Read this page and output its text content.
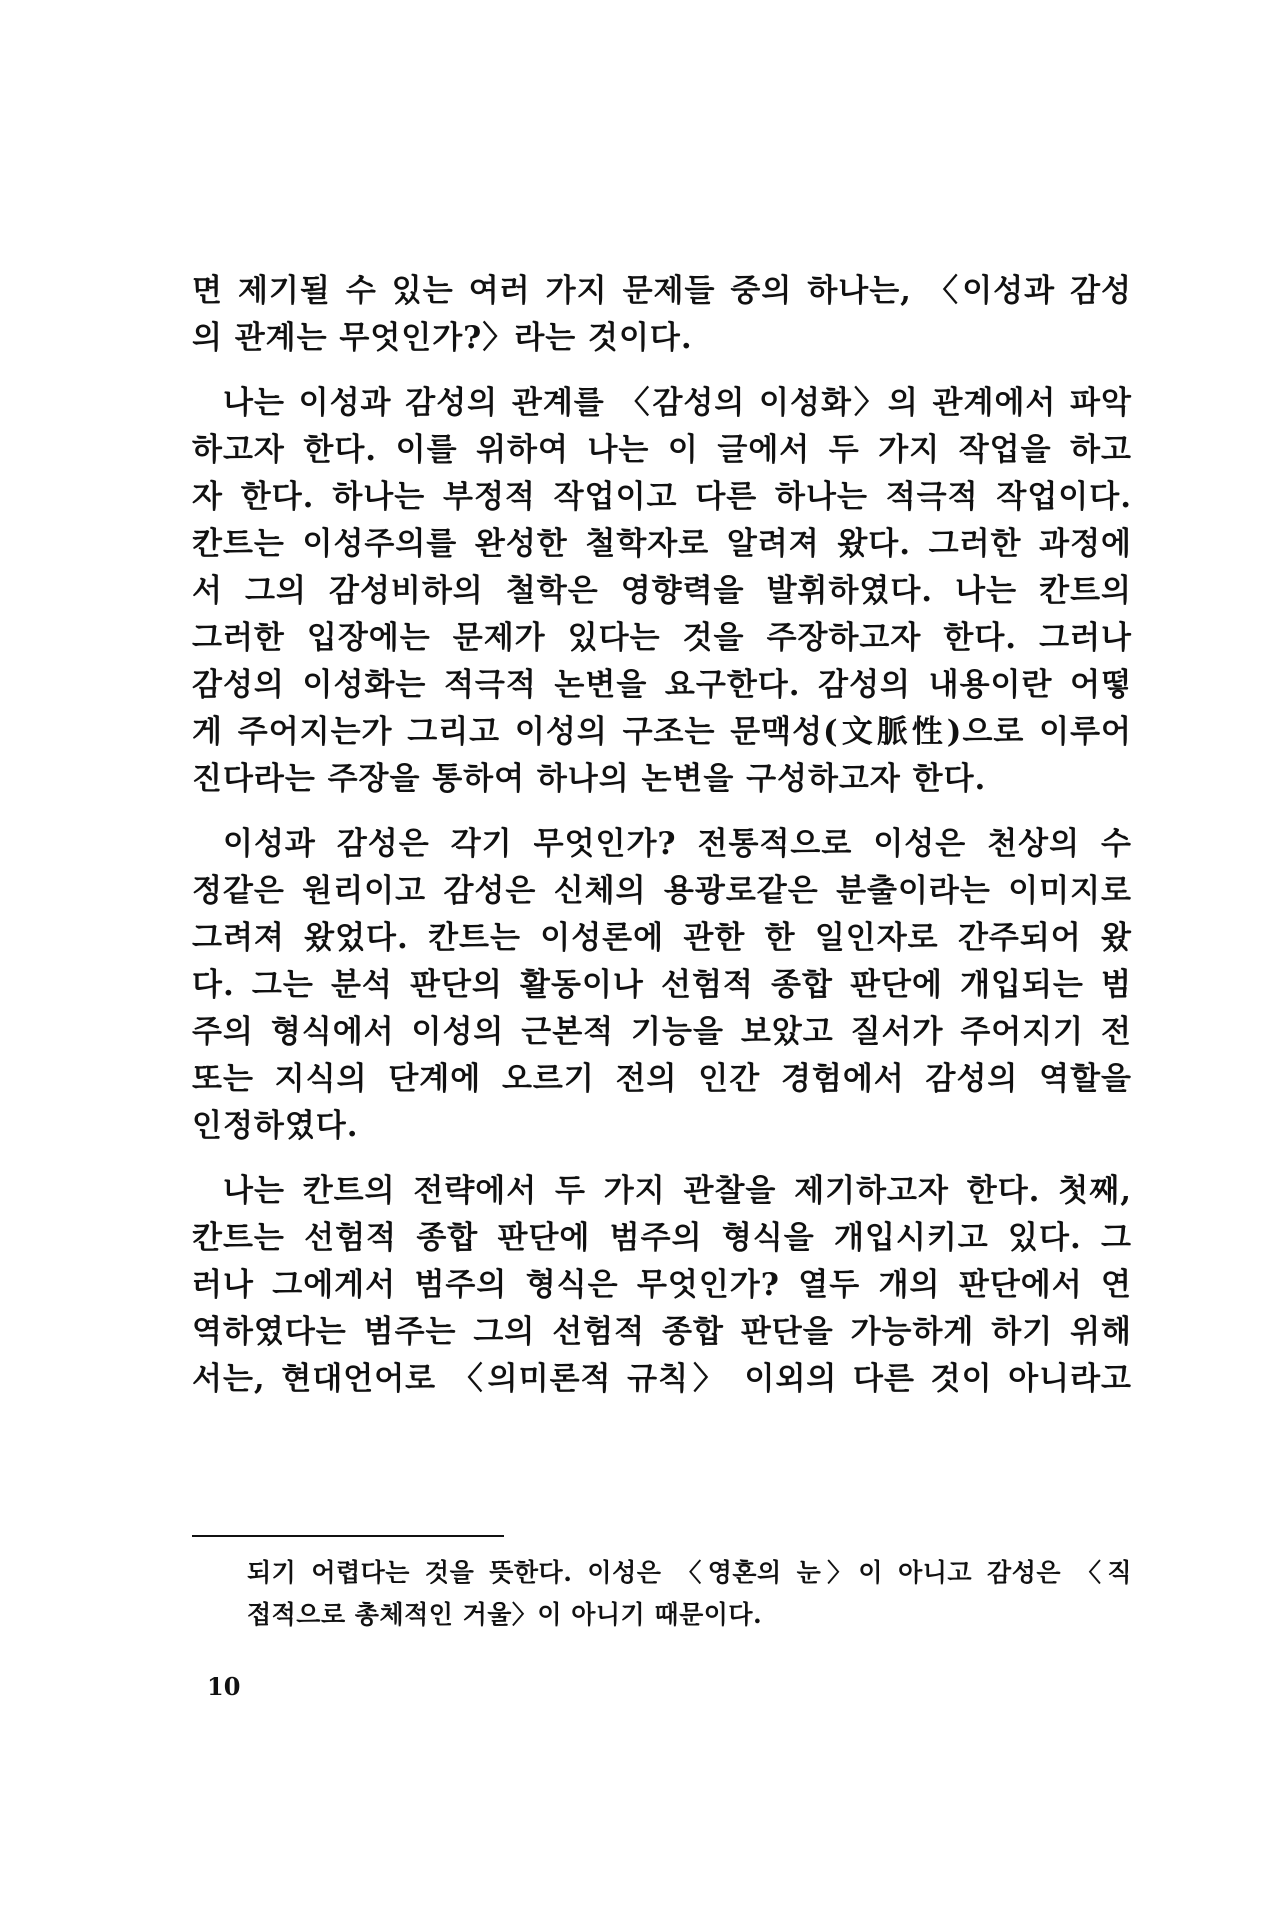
면 제기될 수 있는 여러 가지 문제들 중의 하나는, 〈이성과 감성
의 관계는 무엇인가?〉라는 것이다.

나는 이성과 감성의 관계를 〈감성의 이성화〉의 관계에서 파악
하고자 한다. 이를 위하여 나는 이 글에서 두 가지 작업을 하고
자 한다. 하나는 부정적 작업이고 다른 하나는 적극적 작업이다.
칸트는 이성주의를 완성한 철학자로 알려져 왔다. 그러한 과정에
서 그의 감성비하의 철학은 영향력을 발휘하였다. 나는 칸트의
그러한 입장에는 문제가 있다는 것을 주장하고자 한다. 그러나
감성의 이성화는 적극적 논변을 요구한다. 감성의 내용이란 어떻
게 주어지는가 그리고 이성의 구조는 문맥성(文脈性)으로 이루어
진다라는 주장을 통하여 하나의 논변을 구성하고자 한다.

이성과 감성은 각기 무엇인가? 전통적으로 이성은 천상의 수
정같은 원리이고 감성은 신체의 용광로같은 분출이라는 이미지로
그려져 왔었다. 칸트는 이성론에 관한 한 일인자로 간주되어 왔
다. 그는 분석 판단의 활동이나 선험적 종합 판단에 개입되는 범
주의 형식에서 이성의 근본적 기능을 보았고 질서가 주어지기 전
또는 지식의 단계에 오르기 전의 인간 경험에서 감성의 역할을
인정하였다.

나는 칸트의 전략에서 두 가지 관찰을 제기하고자 한다. 첫째,
칸트는 선험적 종합 판단에 범주의 형식을 개입시키고 있다. 그
러나 그에게서 범주의 형식은 무엇인가? 열두 개의 판단에서 연
역하였다는 범주는 그의 선험적 종합 판단을 가능하게 하기 위해
서는, 현대언어로 〈의미론적 규칙〉 이외의 다른 것이 아니라고

되기 어렵다는 것을 뜻한다. 이성은 〈영혼의 눈〉이 아니고 감성은 〈직
접적으로 총체적인 거울〉이 아니기 때문이다.
10
